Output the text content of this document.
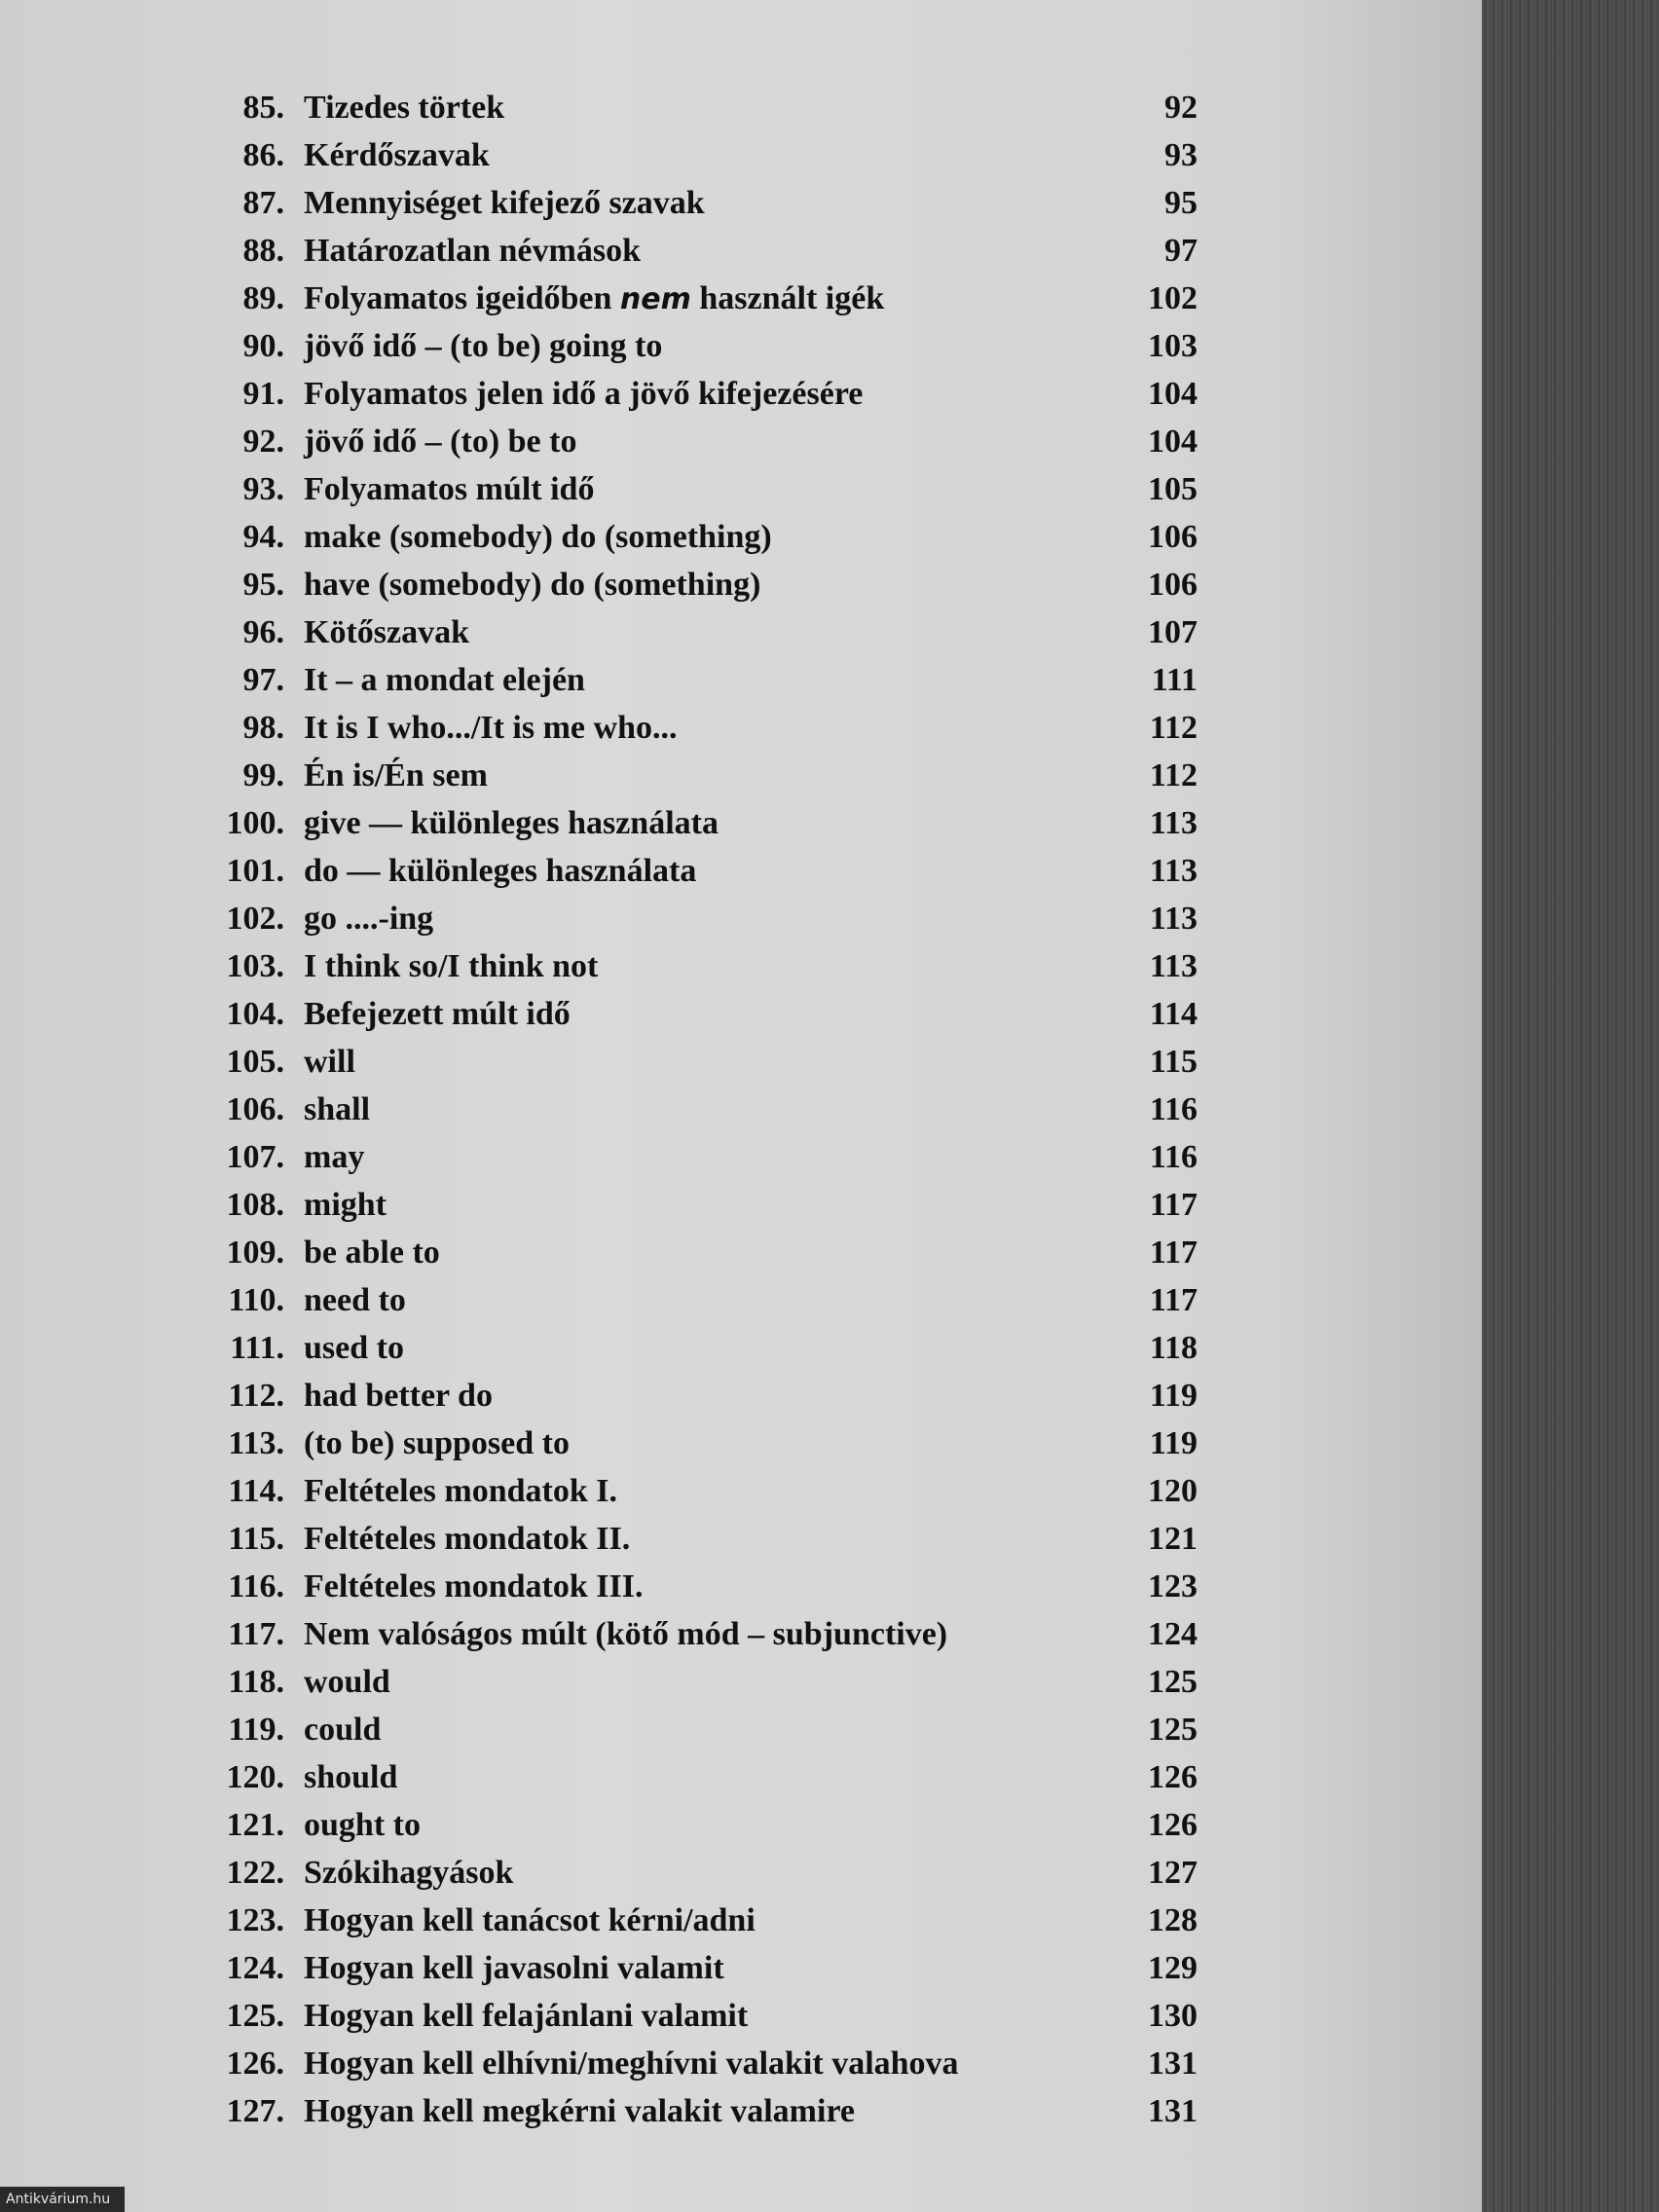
85. Tizedes törtek	92
86. Kérdőszavak	93
87. Mennyiséget kifejező szavak	95
88. Határozatlan névmások	97
89. Folyamatos igeidőben nem használt igék	102
90. jövő idő – (to be) going to	103
91. Folyamatos jelen idő a jövő kifejezésére	104
92. jövő idő – (to) be to	104
93. Folyamatos múlt idő	105
94. make (somebody) do (something)	106
95. have (somebody) do (something)	106
96. Kötőszavak	107
97. It – a mondat elején	111
98. It is I who.../It is me who...	112
99. Én is/Én sem	112
100. give — különleges használata	113
101. do — különleges használata	113
102. go ....-ing	113
103. I think so/I think not	113
104. Befejezett múlt idő	114
105. will	115
106. shall	116
107. may	116
108. might	117
109. be able to	117
110. need to	117
111. used to	118
112. had better do	119
113. (to be) supposed to	119
114. Feltételes mondatok I.	120
115. Feltételes mondatok II.	121
116. Feltételes mondatok III.	123
117. Nem valóságos múlt (kötő mód – subjunctive)	124
118. would	125
119. could	125
120. should	126
121. ought to	126
122. Szókihagyások	127
123. Hogyan kell tanácsot kérni/adni	128
124. Hogyan kell javasolni valamit	129
125. Hogyan kell felajánlani valamit	130
126. Hogyan kell elhívni/meghívni valakit valahova	131
127. Hogyan kell megkérni valakit valamire	131
Antikvárium.hu
